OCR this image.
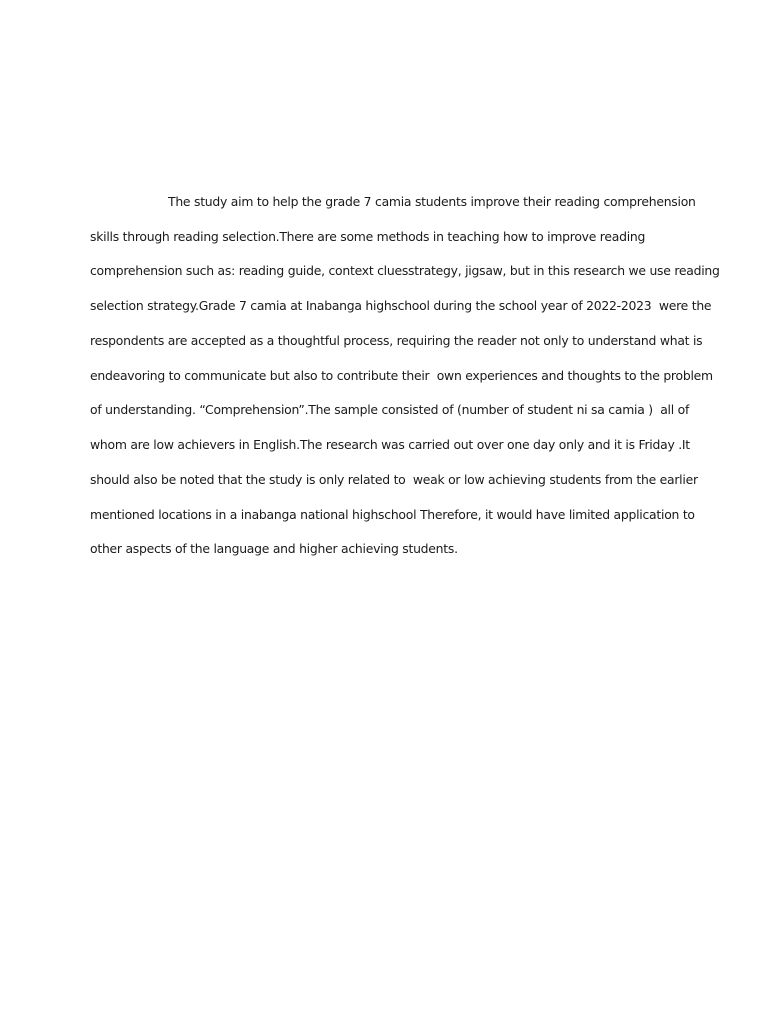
The study aim to help the grade 7 camia students improve their reading comprehension
skills through reading selection.There are some methods in teaching how to improve reading
comprehension such as: reading guide, context cluesstrategy, jigsaw, but in this research we use reading
selection strategy.Grade 7 camia at Inabanga highschool during the school year of 2022-2023  were the
respondents are accepted as a thoughtful process, requiring the reader not only to understand what is
endeavoring to communicate but also to contribute their  own experiences and thoughts to the problem
of understanding. “Comprehension”.The sample consisted of (number of student ni sa camia )  all of
whom are low achievers in English.The research was carried out over one day only and it is Friday .It
should also be noted that the study is only related to  weak or low achieving students from the earlier
mentioned locations in a inabanga national highschool Therefore, it would have limited application to
other aspects of the language and higher achieving students.
